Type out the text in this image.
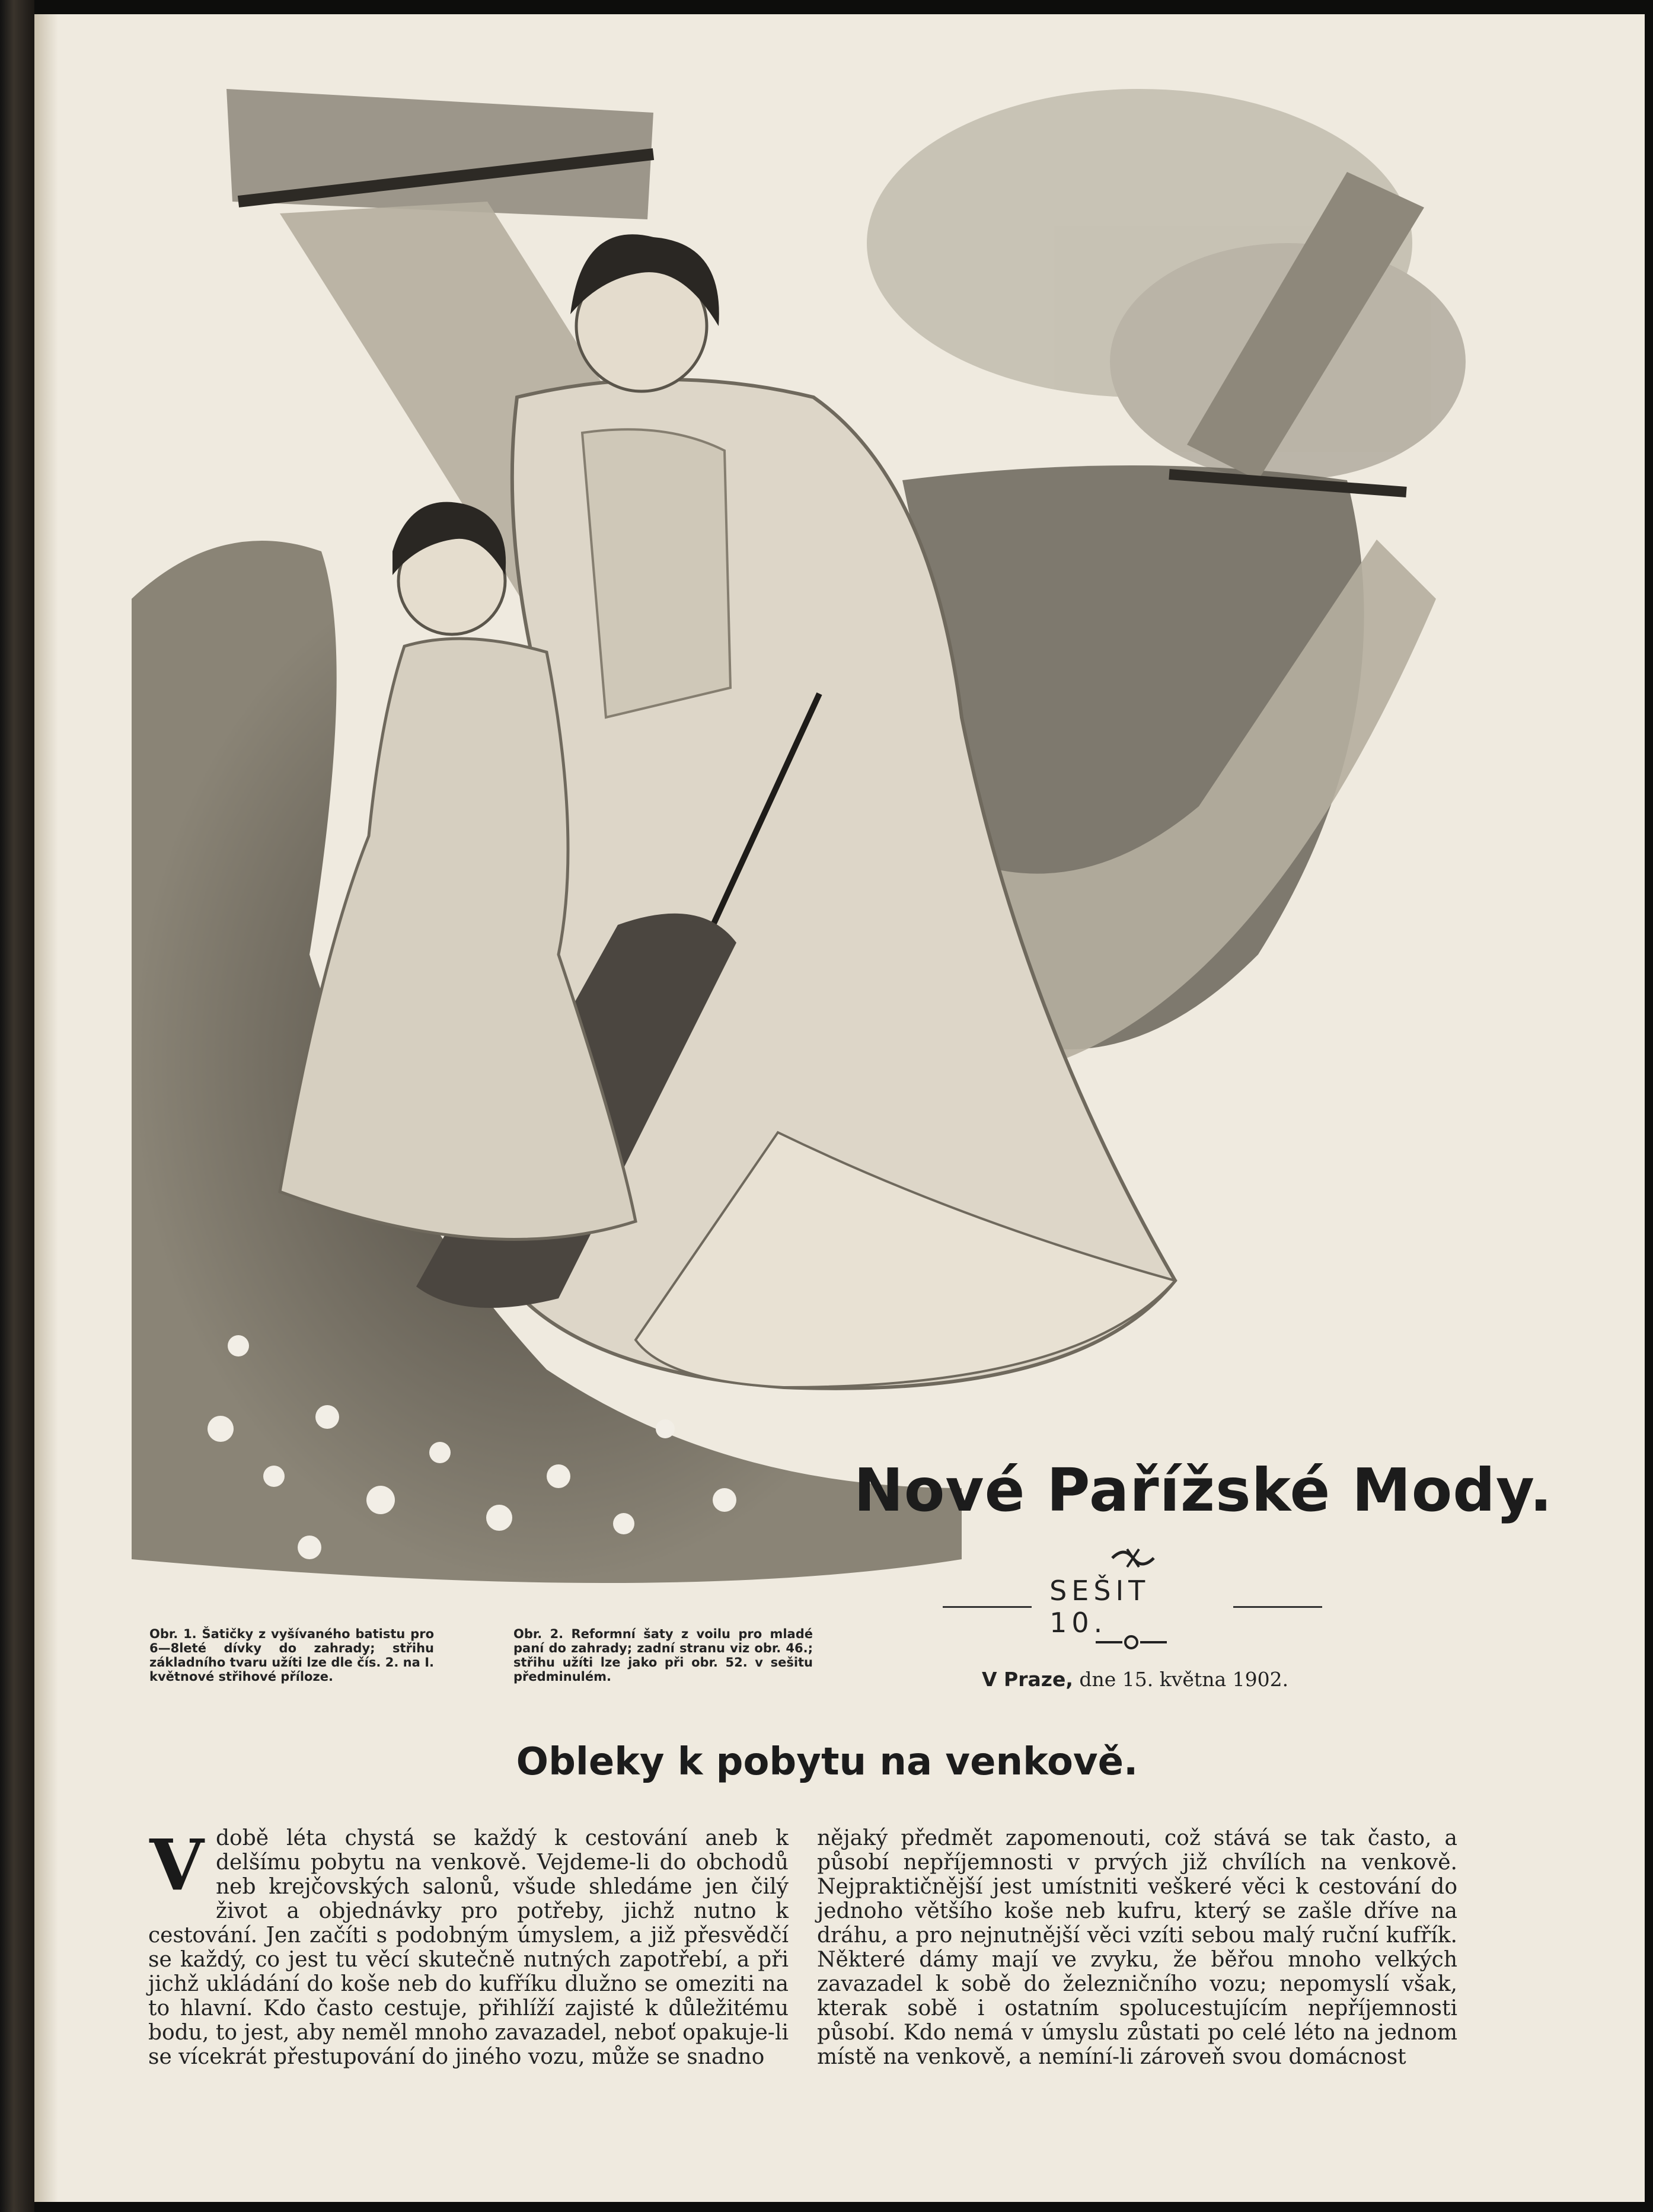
Obr. 1. Šatičky z vyšívaného batistu pro 6—8leté dívky do zahrady; střihu základního tvaru užíti lze dle čís. 2. na I. květnové střihové příloze.
Obr. 2. Reformní šaty z voilu pro mladé paní do zahrady; zadní stranu viz obr. 46.; střihu užíti lze jako při obr. 52. v sešitu předminulém.
Nové Pařížské Mody.
SEŠIT 10.
V Praze, dne 15. května 1902.
Obleky k pobytu na venkově.
V době léta chystá se každý k cestování aneb k delšímu pobytu na venkově. Vejdeme-li do obchodů neb krejčovských salonů, všude shledáme jen čilý život a objednávky pro potřeby, jichž nutno k cestování. Jen začíti s podobným úmyslem, a již přesvědčí se každý, co jest tu věcí skutečně nutných zapotřebí, a při jichž ukládání do koše neb do kufříku dlužno se omeziti na to hlavní. Kdo často cestuje, přihlíží zajisté k důležitému bodu, to jest, aby neměl mnoho zavazadel, neboť opakuje-li se vícekrát přestupování do jiného vozu, může se snadno
nějaký předmět zapomenouti, což stává se tak často, a působí nepříjemnosti v prvých již chvílích na venkově. Nejpraktičnější jest umístniti veškeré věci k cestování do jednoho většího koše neb kufru, který se zašle dříve na dráhu, a pro nejnutnější věci vzíti sebou malý ruční kufřík. Některé dámy mají ve zvyku, že běřou mnoho velkých zavazadel k sobě do železničního vozu; nepomyslí však, kterak sobě i ostatním spolucestujícím nepříjemnosti působí. Kdo nemá v úmyslu zůstati po celé léto na jednom místě na venkově, a nemíní-li zároveň svou domácnost
